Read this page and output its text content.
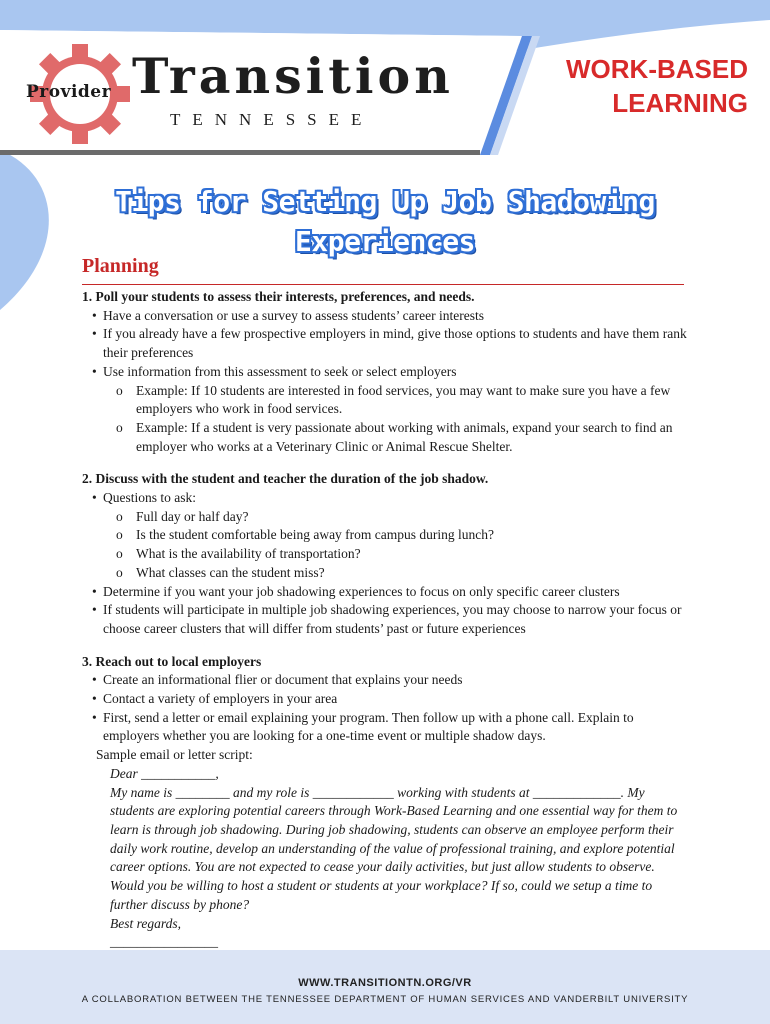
Provider Transition
TENNESSEE
WORK-BASED
LEARNING
Tips for Setting Up Job Shadowing
Experiences
Planning

1. Poll your students to assess their interests, preferences, and needs.

• Have a conversation or use a survey to assess students’ career interests

• If you already have a few prospective employers in mind, give those options to students and have them rank their preferences

• Use information from this assessment to seek or select employers

o Example: If 10 students are interested in food services, you may want to make sure you have a few employers who work in food services.

o Example: If a student is very passionate about working with animals, expand your search to find an employer who works at a Veterinary Clinic or Animal Rescue Shelter.

2. Discuss with the student and teacher the duration of the job shadow.

• Questions to ask:

o Full day or half day?

o Is the student comfortable being away from campus during lunch?

o What is the availability of transportation?

o What classes can the student miss?

• Determine if you want your job shadowing experiences to focus on only specific career clusters

• If students will participate in multiple job shadowing experiences, you may choose to narrow your focus or choose career clusters that will differ from students’ past or future experiences

3. Reach out to local employers

• Create an informational flier or document that explains your needs

• Contact a variety of employers in your area

• First, send a letter or email explaining your program. Then follow up with a phone call. Explain to employers whether you are looking for a one-time event or multiple shadow days.

Sample email or letter script:

Dear ___________,

My name is ________ and my role is ____________ working with students at _____________. My students are exploring potential careers through Work-Based Learning and one essential way for them to learn is through job shadowing. During job shadowing, students can observe an employee perform their daily work routine, develop an understanding of the value of professional training, and explore potential career options. You are not expected to cease your daily activities, but just allow students to observe. Would you be willing to host a student or students at your workplace? If so, could we setup a time to further discuss by phone?

Best regards,

________________

WWW.TRANSITIONTN.ORG/VR
A COLLABORATION BETWEEN THE TENNESSEE DEPARTMENT OF HUMAN SERVICES AND VANDERBILT UNIVERSITY
